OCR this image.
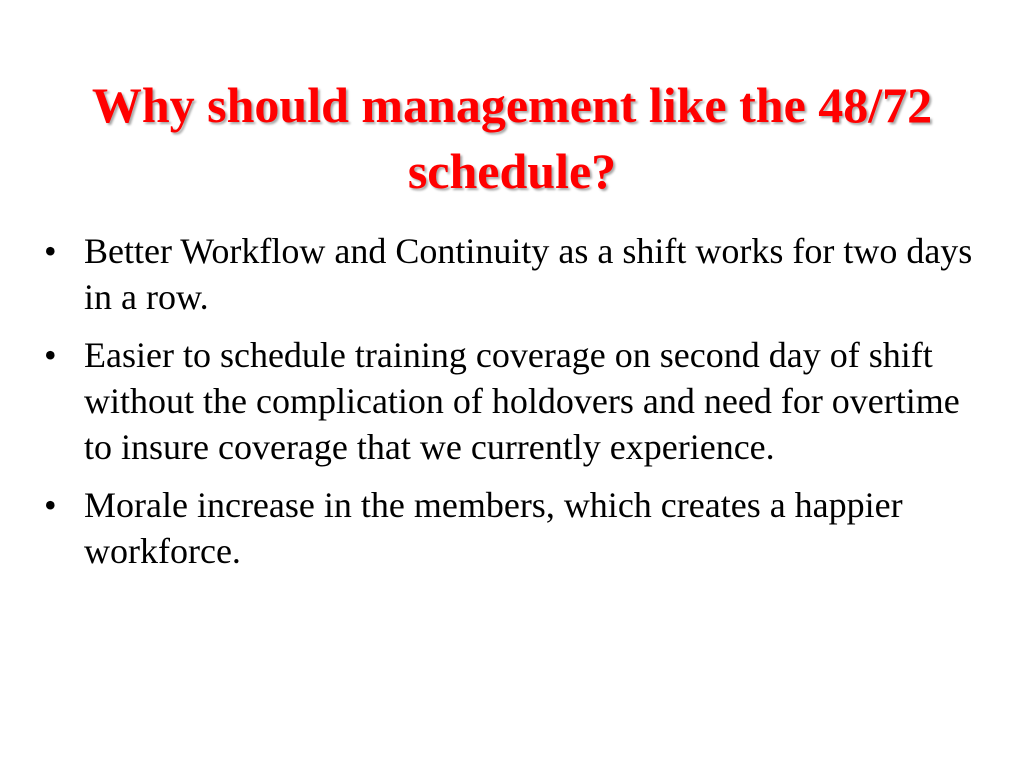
Why should management like the 48/72 schedule?
• Better Workflow and Continuity as a shift works for two days in a row.
• Easier to schedule training coverage on second day of shift without the complication of holdovers and need for overtime to insure coverage that we currently experience.
• Morale increase in the members, which creates a happier workforce.
